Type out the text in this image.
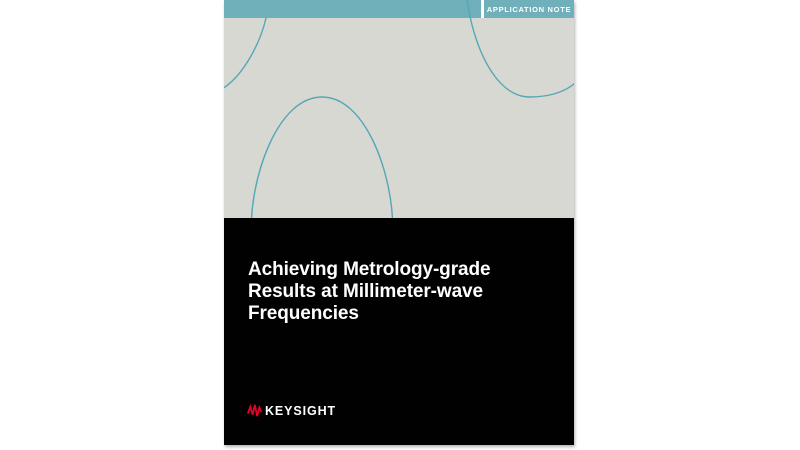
APPLICATION NOTE
Achieving Metrology-grade
Results at Millimeter-wave
Frequencies
KEYSIGHT
